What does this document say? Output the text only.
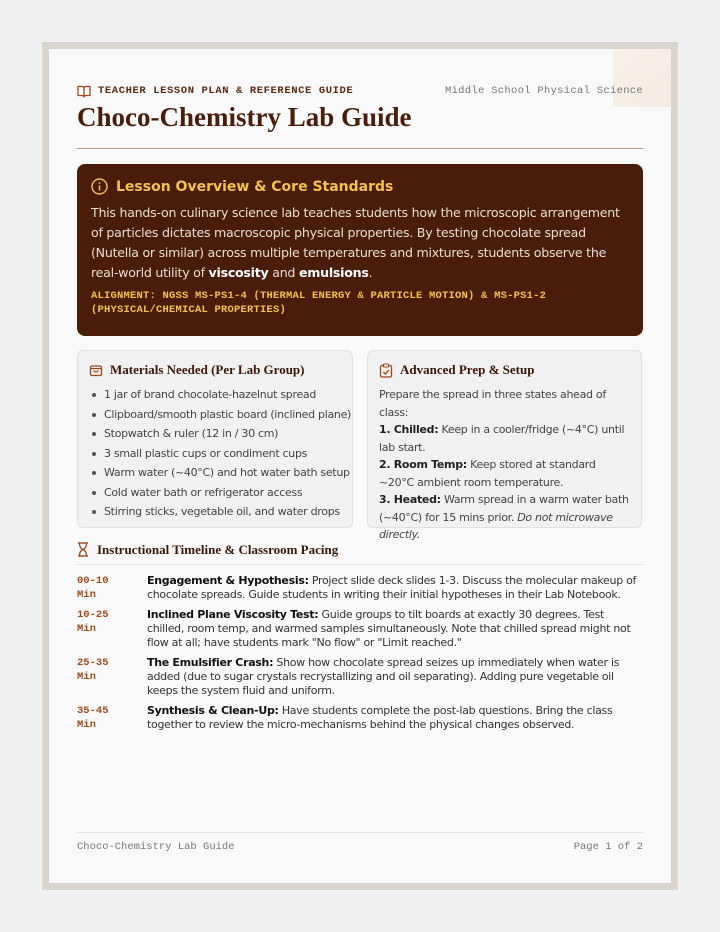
TEACHER LESSON PLAN & REFERENCE GUIDE	Middle School Physical Science
Choco-Chemistry Lab Guide
Lesson Overview & Core Standards

This hands-on culinary science lab teaches students how the microscopic arrangement of particles dictates macroscopic physical properties. By testing chocolate spread (Nutella or similar) across multiple temperatures and mixtures, students observe the real-world utility of viscosity and emulsions.

ALIGNMENT: NGSS MS-PS1-4 (THERMAL ENERGY & PARTICLE MOTION) & MS-PS1-2
(PHYSICAL/CHEMICAL PROPERTIES)
Materials Needed (Per Lab Group)
1 jar of brand chocolate-hazelnut spread
Clipboard/smooth plastic board (inclined plane)
Stopwatch & ruler (12 in / 30 cm)
3 small plastic cups or condiment cups
Warm water (~40°C) and hot water bath setup
Cold water bath or refrigerator access
Stirring sticks, vegetable oil, and water drops
Advanced Prep & Setup

Prepare the spread in three states ahead of class:

1. Chilled: Keep in a cooler/fridge (~4°C) until lab start.

2. Room Temp: Keep stored at standard ~20°C ambient room temperature.

3. Heated: Warm spread in a warm water bath (~40°C) for 15 mins prior. Do not microwave directly.

Instructional Timeline & Classroom Pacing
00-10
Min
Engagement & Hypothesis: Project slide deck slides 1-3. Discuss the molecular makeup of chocolate spreads. Guide students in writing their initial hypotheses in their Lab Notebook.
10-25
Min
Inclined Plane Viscosity Test: Guide groups to tilt boards at exactly 30 degrees. Test chilled, room temp, and warmed samples simultaneously. Note that chilled spread might not flow at all; have students mark "No flow" or "Limit reached."
25-35
Min
The Emulsifier Crash: Show how chocolate spread seizes up immediately when water is added (due to sugar crystals recrystallizing and oil separating). Adding pure vegetable oil keeps the system fluid and uniform.
35-45
Min
Synthesis & Clean-Up: Have students complete the post-lab questions. Bring the class together to review the micro-mechanisms behind the physical changes observed.
Choco-Chemistry Lab Guide	Page 1 of 2
